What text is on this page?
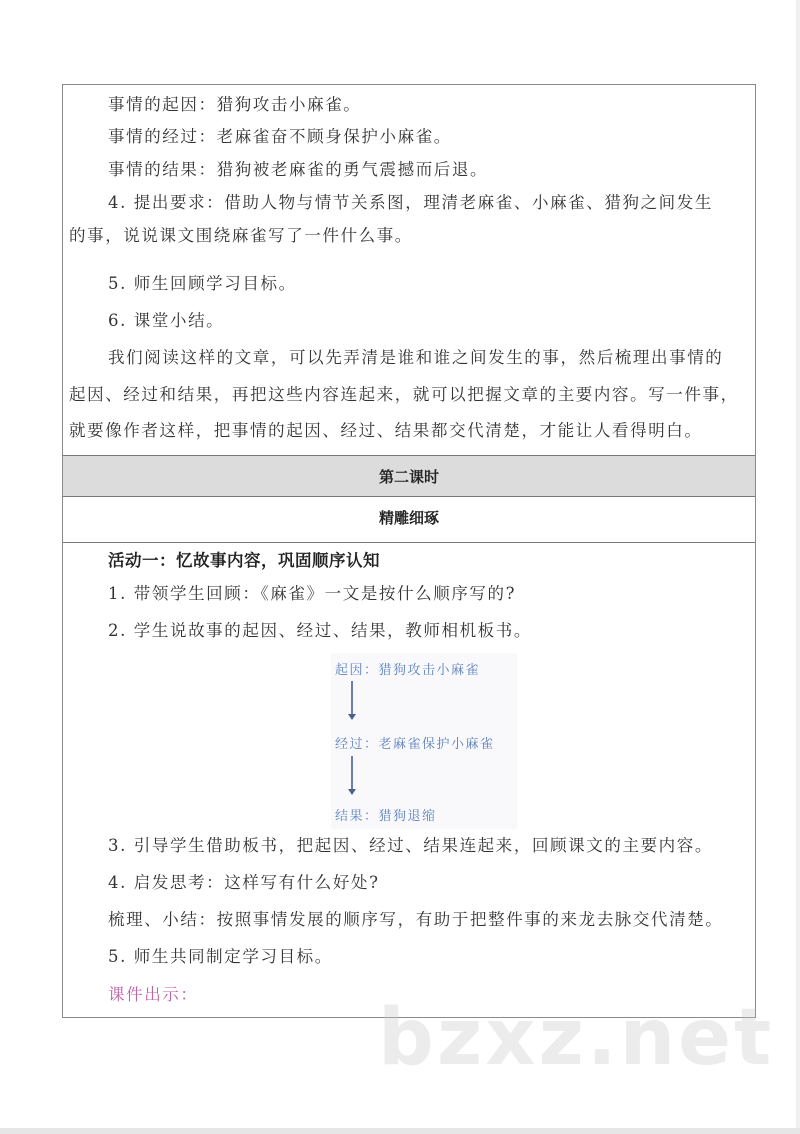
事情的起因：猎狗攻击小麻雀。
事情的经过：老麻雀奋不顾身保护小麻雀。
事情的结果：猎狗被老麻雀的勇气震撼而后退。
4. 提出要求：借助人物与情节关系图，理清老麻雀、小麻雀、猎狗之间发生
的事，说说课文围绕麻雀写了一件什么事。
5. 师生回顾学习目标。
6. 课堂小结。
我们阅读这样的文章，可以先弄清是谁和谁之间发生的事，然后梳理出事情的
起因、经过和结果，再把这些内容连起来，就可以把握文章的主要内容。写一件事，
就要像作者这样，把事情的起因、经过、结果都交代清楚，才能让人看得明白。
第二课时
精雕细琢
活动一：忆故事内容，巩固顺序认知
1. 带领学生回顾：《麻雀》一文是按什么顺序写的?
2. 学生说故事的起因、经过、结果，教师相机板书。
起因：猎狗攻击小麻雀
经过：老麻雀保护小麻雀
结果：猎狗退缩
3. 引导学生借助板书，把起因、经过、结果连起来，回顾课文的主要内容。
4. 启发思考：这样写有什么好处?
梳理、小结：按照事情发展的顺序写，有助于把整件事的来龙去脉交代清楚。
5. 师生共同制定学习目标。
课件出示：	bzxz.net
